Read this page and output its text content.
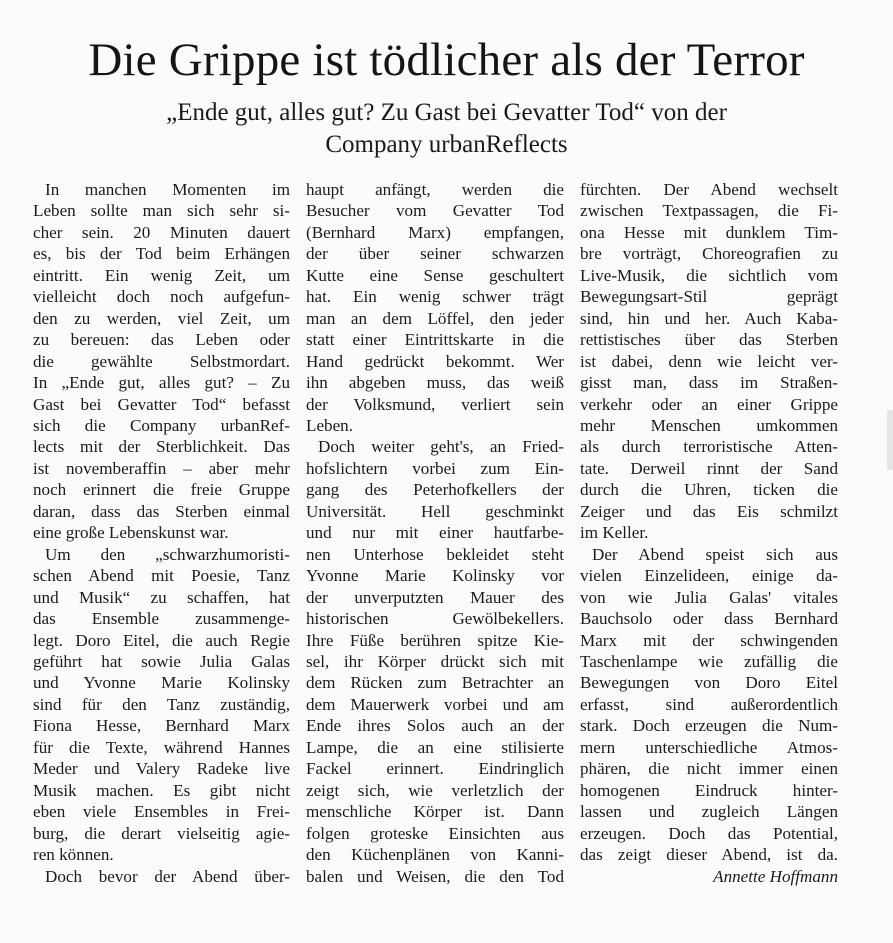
Die Grippe ist tödlicher als der Terror
„Ende gut, alles gut? Zu Gast bei Gevatter Tod“ von der
Company urbanReflects
In manchen Momenten im
Leben sollte man sich sehr si-
cher sein. 20 Minuten dauert
es, bis der Tod beim Erhängen
eintritt. Ein wenig Zeit, um
vielleicht doch noch aufgefun-
den zu werden, viel Zeit, um
zu bereuen: das Leben oder
die gewählte Selbstmordart.
In „Ende gut, alles gut? – Zu
Gast bei Gevatter Tod“ befasst
sich die Company urbanRef-
lects mit der Sterblichkeit. Das
ist novemberaffin – aber mehr
noch erinnert die freie Gruppe
daran, dass das Sterben einmal
eine große Lebenskunst war.
Um den „schwarzhumoristi-
schen Abend mit Poesie, Tanz
und Musik“ zu schaffen, hat
das Ensemble zusammenge-
legt. Doro Eitel, die auch Regie
geführt hat sowie Julia Galas
und Yvonne Marie Kolinsky
sind für den Tanz zuständig,
Fiona Hesse, Bernhard Marx
für die Texte, während Hannes
Meder und Valery Radeke live
Musik machen. Es gibt nicht
eben viele Ensembles in Frei-
burg, die derart vielseitig agie-
ren können.
Doch bevor der Abend über-
haupt anfängt, werden die
Besucher vom Gevatter Tod
(Bernhard Marx) empfangen,
der über seiner schwarzen
Kutte eine Sense geschultert
hat. Ein wenig schwer trägt
man an dem Löffel, den jeder
statt einer Eintrittskarte in die
Hand gedrückt bekommt. Wer
ihn abgeben muss, das weiß
der Volksmund, verliert sein
Leben.
Doch weiter geht's, an Fried-
hofslichtern vorbei zum Ein-
gang des Peterhofkellers der
Universität. Hell geschminkt
und nur mit einer hautfarbe-
nen Unterhose bekleidet steht
Yvonne Marie Kolinsky vor
der unverputzten Mauer des
historischen Gewölbekellers.
Ihre Füße berühren spitze Kie-
sel, ihr Körper drückt sich mit
dem Rücken zum Betrachter an
dem Mauerwerk vorbei und am
Ende ihres Solos auch an der
Lampe, die an eine stilisierte
Fackel erinnert. Eindringlich
zeigt sich, wie verletzlich der
menschliche Körper ist. Dann
folgen groteske Einsichten aus
den Küchenplänen von Kanni-
balen und Weisen, die den Tod
fürchten. Der Abend wechselt
zwischen Textpassagen, die Fi-
ona Hesse mit dunklem Tim-
bre vorträgt, Choreografien zu
Live-Musik, die sichtlich vom
Bewegungsart-Stil geprägt
sind, hin und her. Auch Kaba-
rettistisches über das Sterben
ist dabei, denn wie leicht ver-
gisst man, dass im Straßen-
verkehr oder an einer Grippe
mehr Menschen umkommen
als durch terroristische Atten-
tate. Derweil rinnt der Sand
durch die Uhren, ticken die
Zeiger und das Eis schmilzt
im Keller.
Der Abend speist sich aus
vielen Einzelideen, einige da-
von wie Julia Galas' vitales
Bauchsolo oder dass Bernhard
Marx mit der schwingenden
Taschenlampe wie zufällig die
Bewegungen von Doro Eitel
erfasst, sind außerordentlich
stark. Doch erzeugen die Num-
mern unterschiedliche Atmos-
phären, die nicht immer einen
homogenen Eindruck hinter-
lassen und zugleich Längen
erzeugen. Doch das Potential,
das zeigt dieser Abend, ist da.
Annette Hoffmann
